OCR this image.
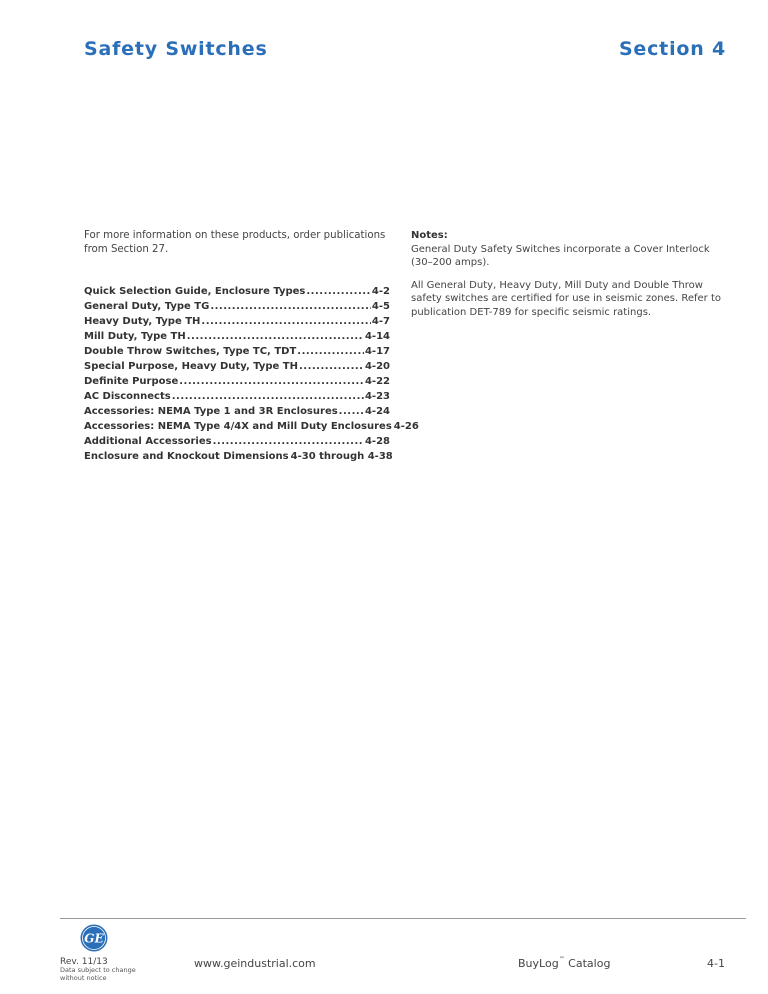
Safety Switches	Section 4
For more information on these products, order publications from Section 27.
Quick Selection Guide, Enclosure Types .....	4-2
General Duty, Type TG .....	4-5
Heavy Duty, Type TH .....	4-7
Mill Duty, Type TH .....	4-14
Double Throw Switches, Type TC, TDT .....	4-17
Special Purpose, Heavy Duty, Type TH .....	4-20
Definite Purpose .....	4-22
AC Disconnects .....	4-23
Accessories: NEMA Type 1 and 3R Enclosures .....	4-24
Accessories: NEMA Type 4/4X and Mill Duty Enclosures 4-26
Additional Accessories .....	4-28
Enclosure and Knockout Dimensions 4-30 through 4-38

Notes:

General Duty Safety Switches incorporate a Cover Interlock (30–200 amps).

All General Duty, Heavy Duty, Mill Duty and Double Throw safety switches are certified for use in seismic zones. Refer to publication DET-789 for specific seismic ratings.

GE
Rev. 11/13
Data subject to change without notice
www.geindustrial.com	BuyLog™ Catalog	4-1
